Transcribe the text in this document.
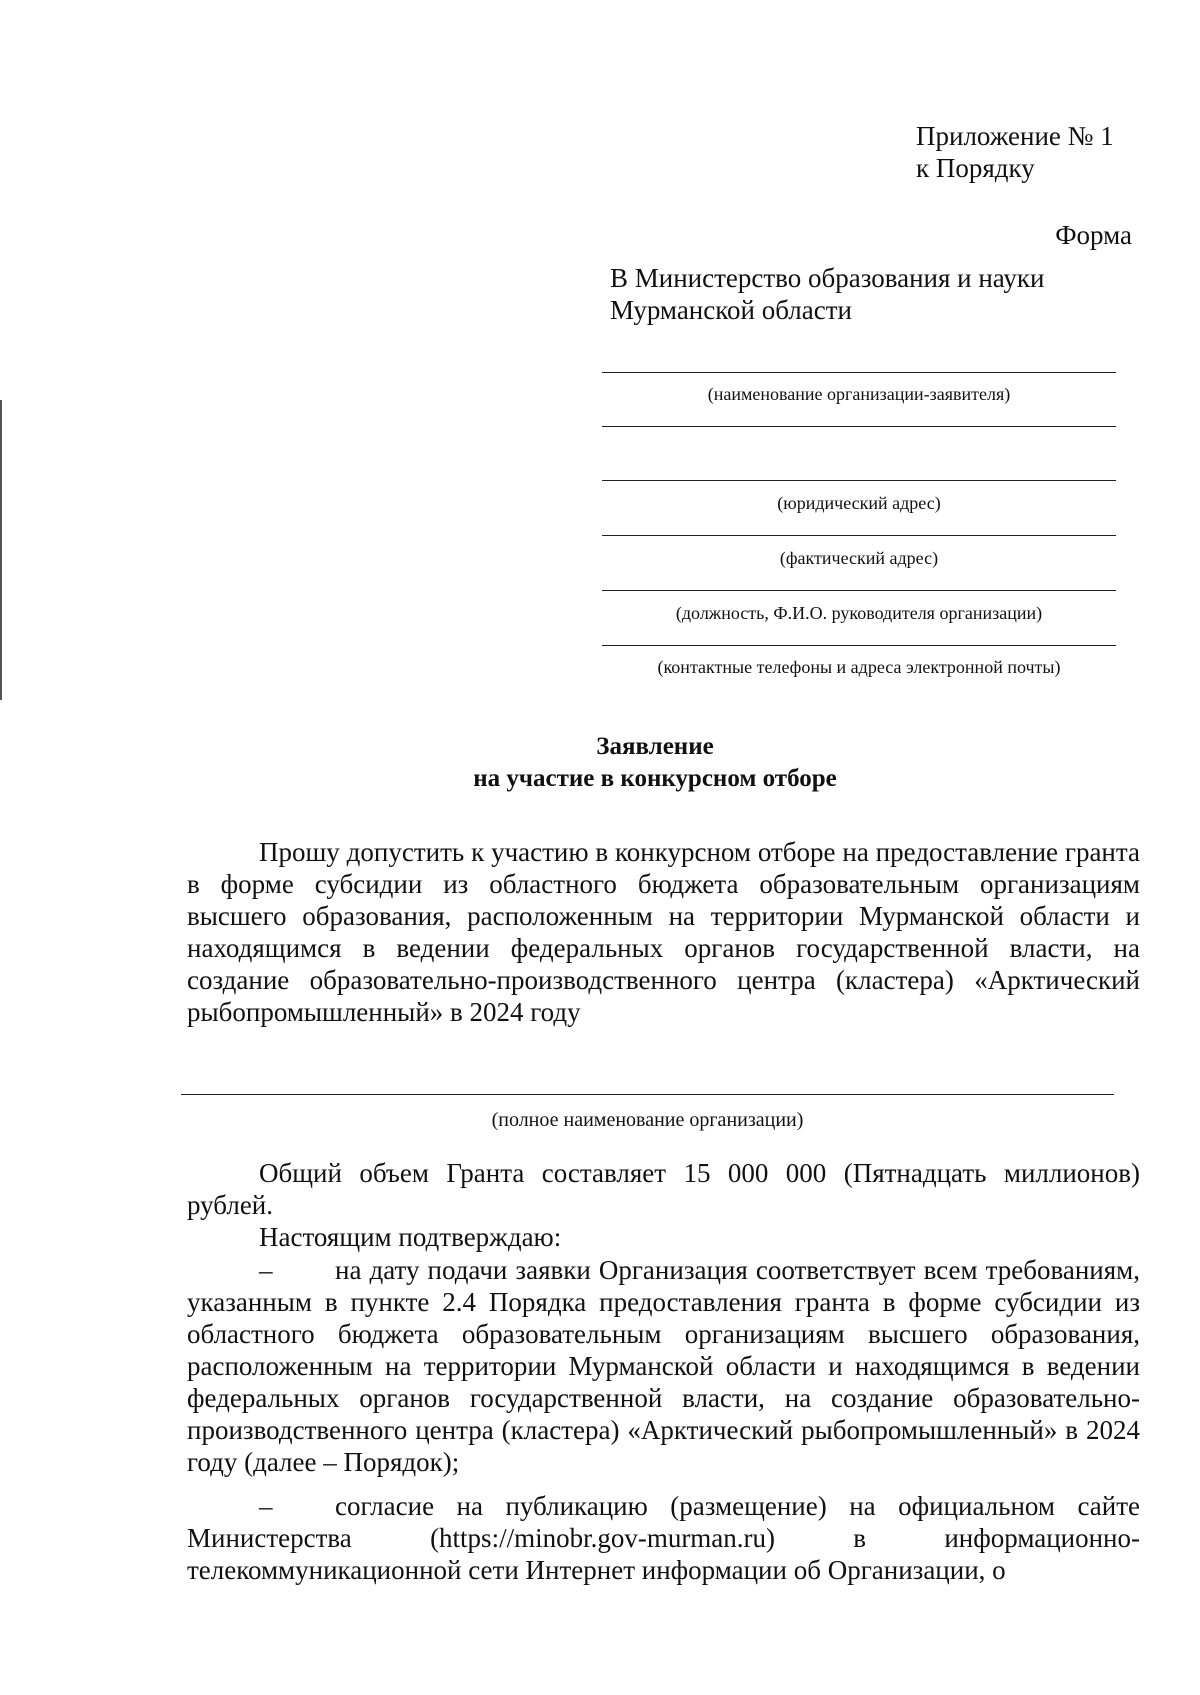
Приложение № 1
к Порядку
Форма
В Министерство образования и науки
Мурманской области
(наименование организации-заявителя)
(юридический адрес)
(фактический адрес)
(должность, Ф.И.О. руководителя организации)
(контактные телефоны и адреса электронной почты)
Заявление
на участие в конкурсном отборе
Прошу допустить к участию в конкурсном отборе на предоставление гранта в форме субсидии из областного бюджета образовательным организациям высшего образования, расположенным на территории Мурманской области и находящимся в ведении федеральных органов государственной власти, на создание образовательно-производственного центра (кластера) «Арктический рыбопромышленный» в 2024 году
(полное наименование организации)
Общий объем Гранта составляет 15 000 000 (Пятнадцать миллионов) рублей.
Настоящим подтверждаю:
– на дату подачи заявки Организация соответствует всем требованиям, указанным в пункте 2.4 Порядка предоставления гранта в форме субсидии из областного бюджета образовательным организациям высшего образования, расположенным на территории Мурманской области и находящимся в ведении федеральных органов государственной власти, на создание образовательно-производственного центра (кластера) «Арктический рыбопромышленный» в 2024 году (далее – Порядок);
– согласие на публикацию (размещение) на официальном сайте Министерства (https://minobr.gov-murman.ru) в информационно-телекоммуникационной сети Интернет информации об Организации, о
